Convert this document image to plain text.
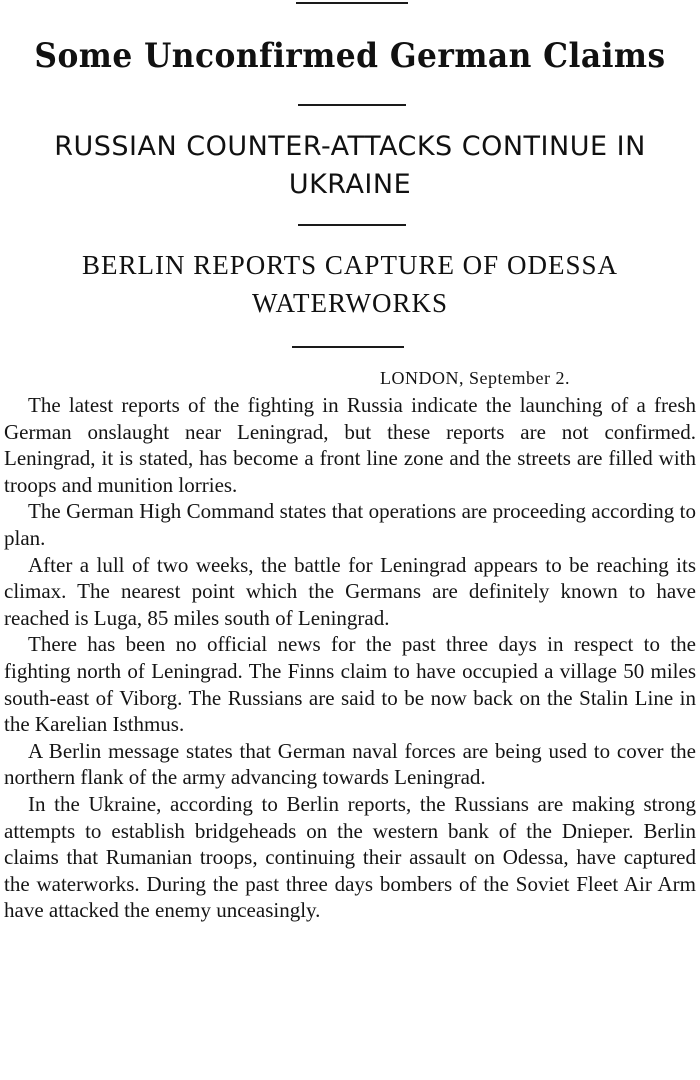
Some Unconfirmed German Claims
RUSSIAN COUNTER-ATTACKS CONTINUE IN UKRAINE
BERLIN REPORTS CAPTURE OF ODESSA WATERWORKS
LONDON, September 2.

The latest reports of the fighting in Russia indicate the launching of a fresh German onslaught near Leningrad, but these reports are not confirmed. Leningrad, it is stated, has become a front line zone and the streets are filled with troops and munition lorries.

The German High Command states that operations are proceeding according to plan.

After a lull of two weeks, the battle for Leningrad appears to be reaching its climax. The nearest point which the Germans are definitely known to have reached is Luga, 85 miles south of Leningrad.

There has been no official news for the past three days in respect to the fighting north of Leningrad. The Finns claim to have occupied a village 50 miles south-east of Viborg. The Russians are said to be now back on the Stalin Line in the Karelian Isthmus.

A Berlin message states that German naval forces are being used to cover the northern flank of the army advancing towards Leningrad.

In the Ukraine, according to Berlin reports, the Russians are making strong attempts to establish bridgeheads on the western bank of the Dnieper. Berlin claims that Rumanian troops, continuing their assault on Odessa, have captured the waterworks. During the past three days bombers of the Soviet Fleet Air Arm have attacked the enemy unceasingly.
